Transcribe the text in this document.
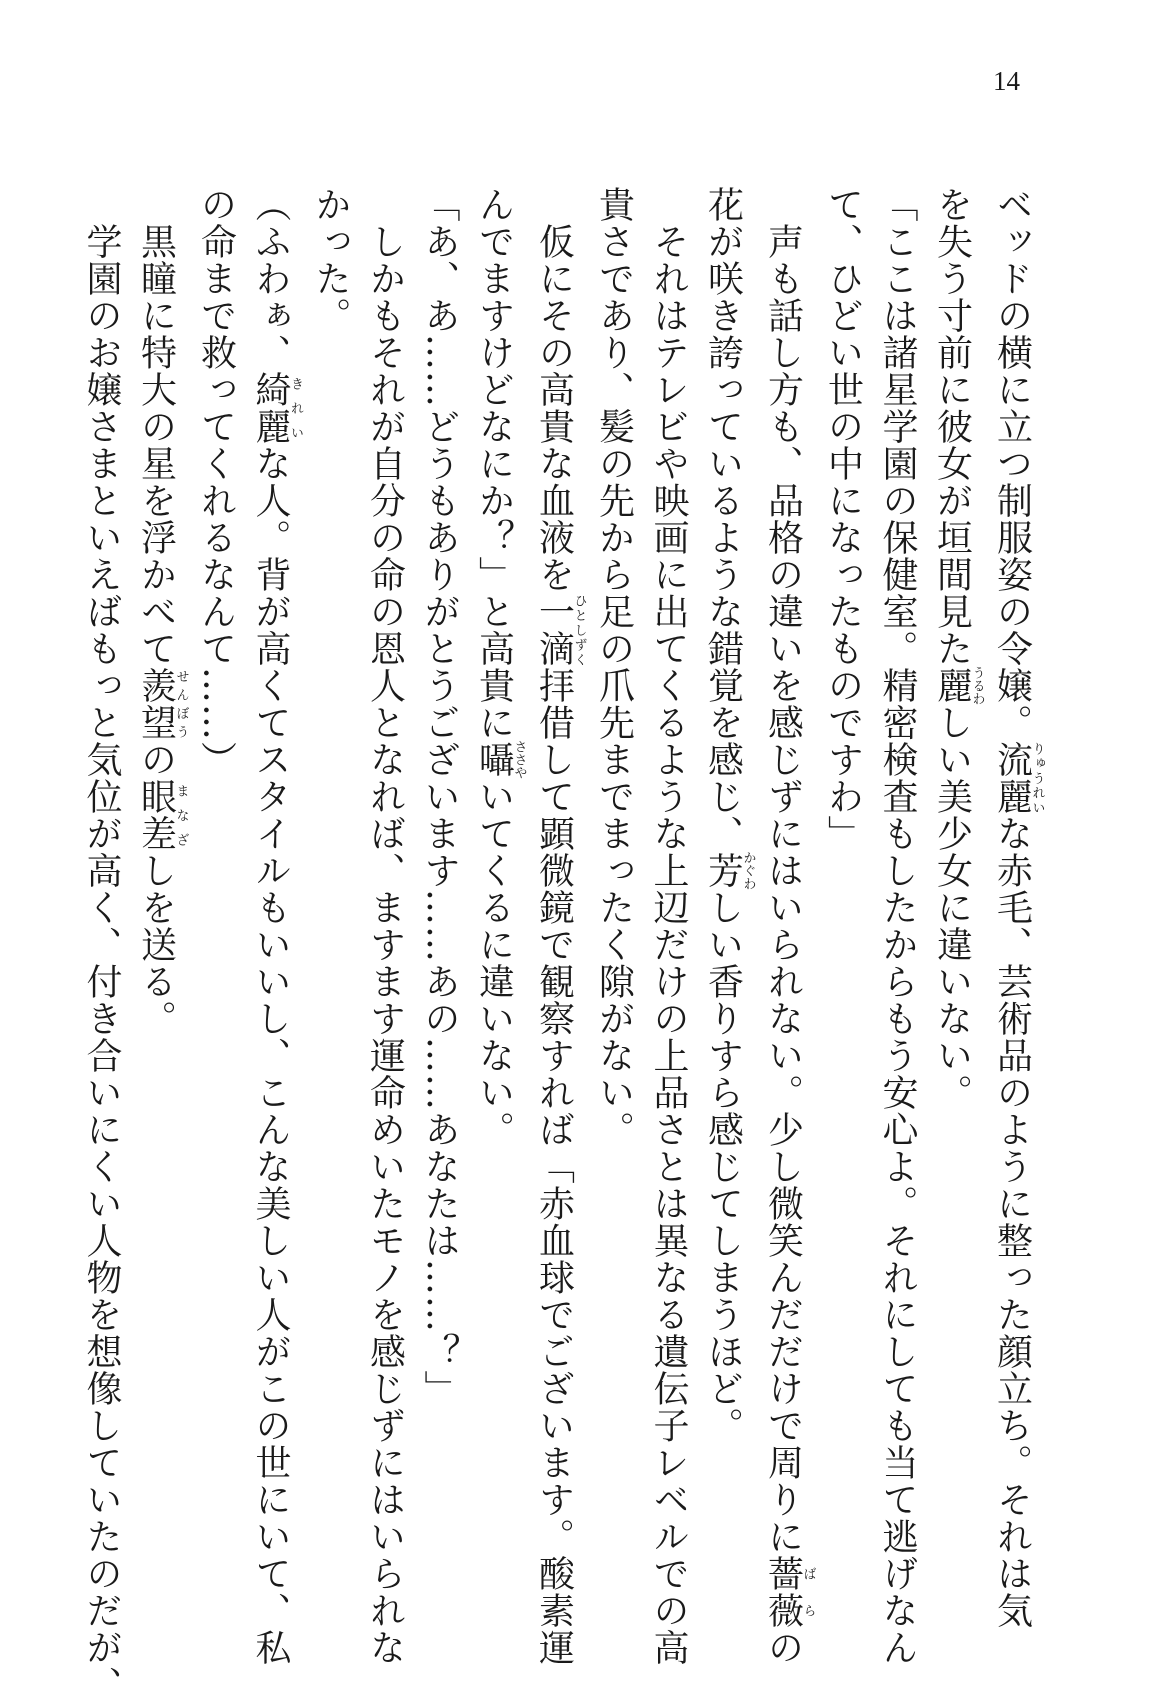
14
ベッドの横に立つ制服姿の令嬢。流麗りゅうれいな赤毛、芸術品のように整った顔立ち。それは気
を失う寸前に彼女が垣間見た麗うるわしい美少女に違いない。
「ここは諸星学園の保健室。精密検査もしたからもう安心よ。それにしても当て逃げなん
て、ひどい世の中になったものですわ」
　声も話し方も、品格の違いを感じずにはいられない。少し微笑んだだけで周りに薔薇ばらの
花が咲き誇っているような錯覚を感じ、芳かぐわしい香りすら感じてしまうほど。
　それはテレビや映画に出てくるような上辺だけの上品さとは異なる遺伝子レベルでの高
貴さであり、髪の先から足の爪先までまったく隙がない。
　仮にその高貴な血液を一滴ひとしずく拝借して顕微鏡で観察すれば「赤血球でございます。酸素運
んでますけどなにか？」と高貴に囁ささやいてくるに違いない。
「あ、あ……どうもありがとうございます……あの……あなたは……？」
　しかもそれが自分の命の恩人となれば、ますます運命めいたモノを感じずにはいられな
かった。
（ふわぁ、綺麗きれいな人。背が高くてスタイルもいいし、こんな美しい人がこの世にいて、私
の命まで救ってくれるなんて……）
　黒瞳に特大の星を浮かべて羨望せんぼうの眼差まなざしを送る。
　学園のお嬢さまといえばもっと気位が高く、付き合いにくい人物を想像していたのだが、
